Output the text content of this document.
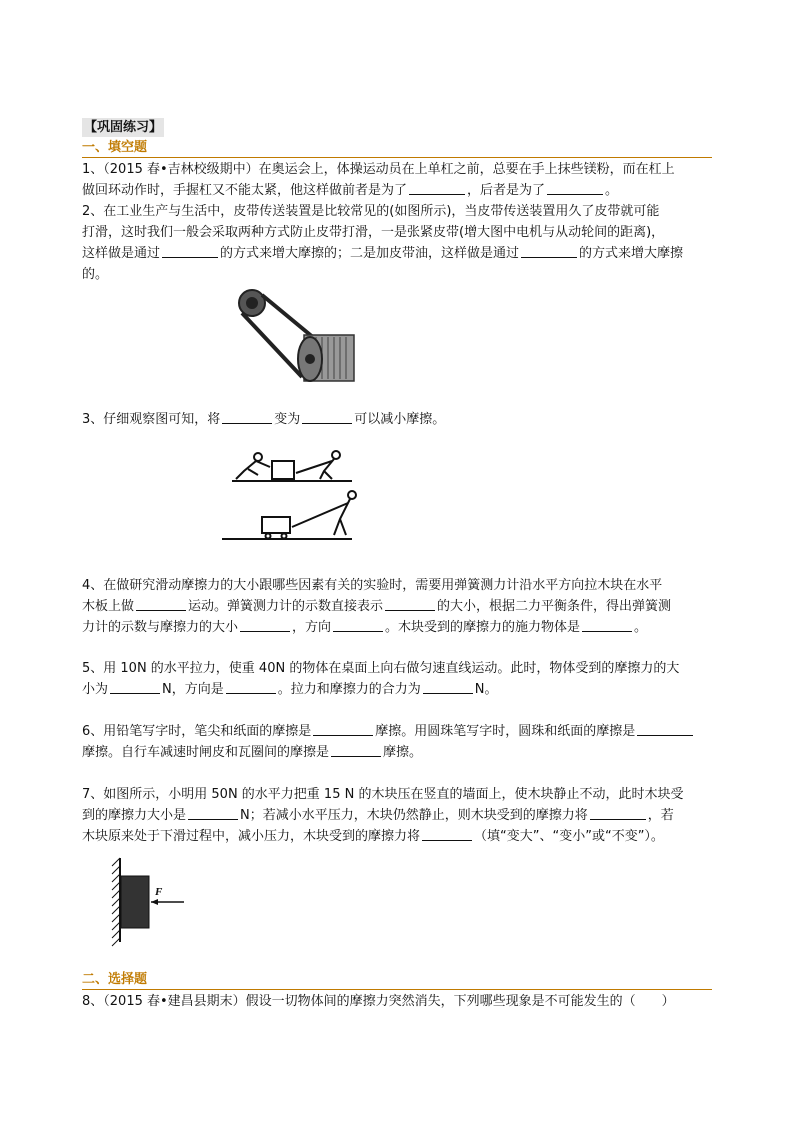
【巩固练习】
一、填空题
1、（2015 春•吉林校级期中）在奥运会上，体操运动员在上单杠之前，总要在手上抹些镁粉，而在杠上
做回环动作时，手握杠又不能太紧，他这样做前者是为了	，后者是为了	。
2、在工业生产与生活中，皮带传送装置是比较常见的(如图所示)，当皮带传送装置用久了皮带就可能
打滑，这时我们一般会采取两种方式防止皮带打滑，一是张紧皮带(增大图中电机与从动轮间的距离)，
这样做是通过	的方式来增大摩擦的；二是加皮带油，这样做是通过	的方式来增大摩擦
的。
3、仔细观察图可知，将	变为	可以减小摩擦。
4、在做研究滑动摩擦力的大小跟哪些因素有关的实验时，需要用弹簧测力计沿水平方向拉木块在水平
木板上做	运动。弹簧测力计的示数直接表示	的大小，根据二力平衡条件，得出弹簧测
力计的示数与摩擦力的大小	，方向	。木块受到的摩擦力的施力物体是	。
5、用 10N 的水平拉力，使重 40N 的物体在桌面上向右做匀速直线运动。此时，物体受到的摩擦力的大
小为	N，方向是	。拉力和摩擦力的合力为	N。
6、用铅笔写字时，笔尖和纸面的摩擦是	摩擦。用圆珠笔写字时，圆珠和纸面的摩擦是
摩擦。自行车减速时闸皮和瓦圈间的摩擦是	摩擦。
7、如图所示，小明用 50N 的水平力把重 15 N 的木块压在竖直的墙面上，使木块静止不动，此时木块受
到的摩擦力大小是	N；若减小水平压力，木块仍然静止，则木块受到的摩擦力将	，若
木块原来处于下滑过程中，减小压力，木块受到的摩擦力将	（填“变大”、“变小”或“不变”）。
F
二、选择题
8、（2015 春•建昌县期末）假设一切物体间的摩擦力突然消失，下列哪些现象是不可能发生的（　　）
